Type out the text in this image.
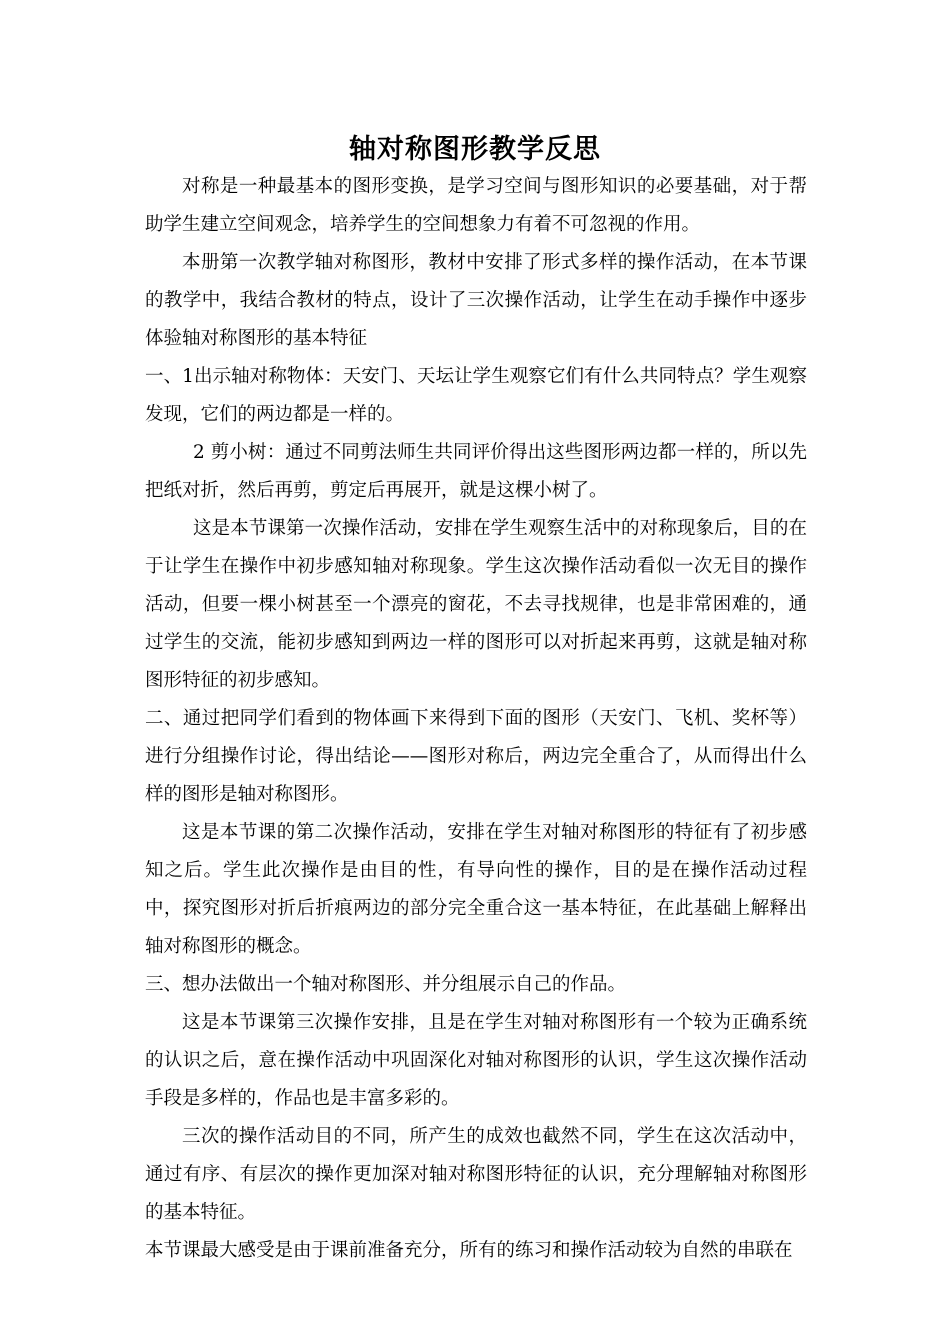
轴对称图形教学反思

对称是一种最基本的图形变换，是学习空间与图形知识的必要基础，对于帮助学生建立空间观念，培养学生的空间想象力有着不可忽视的作用。

本册第一次教学轴对称图形，教材中安排了形式多样的操作活动，在本节课的教学中，我结合教材的特点，设计了三次操作活动，让学生在动手操作中逐步体验轴对称图形的基本特征

一、1出示轴对称物体：天安门、天坛让学生观察它们有什么共同特点？学生观察发现，它们的两边都是一样的。

2 剪小树：通过不同剪法师生共同评价得出这些图形两边都一样的，所以先把纸对折，然后再剪，剪定后再展开，就是这棵小树了。

这是本节课第一次操作活动，安排在学生观察生活中的对称现象后，目的在于让学生在操作中初步感知轴对称现象。学生这次操作活动看似一次无目的操作活动，但要一棵小树甚至一个漂亮的窗花，不去寻找规律，也是非常困难的，通过学生的交流，能初步感知到两边一样的图形可以对折起来再剪，这就是轴对称图形特征的初步感知。

二、通过把同学们看到的物体画下来得到下面的图形（天安门、飞机、奖杯等）进行分组操作讨论，得出结论——图形对称后，两边完全重合了，从而得出什么样的图形是轴对称图形。

这是本节课的第二次操作活动，安排在学生对轴对称图形的特征有了初步感知之后。学生此次操作是由目的性，有导向性的操作，目的是在操作活动过程中，探究图形对折后折痕两边的部分完全重合这一基本特征，在此基础上解释出轴对称图形的概念。

三、想办法做出一个轴对称图形、并分组展示自己的作品。

这是本节课第三次操作安排，且是在学生对轴对称图形有一个较为正确系统的认识之后，意在操作活动中巩固深化对轴对称图形的认识，学生这次操作活动手段是多样的，作品也是丰富多彩的。

三次的操作活动目的不同，所产生的成效也截然不同，学生在这次活动中，通过有序、有层次的操作更加深对轴对称图形特征的认识，充分理解轴对称图形的基本特征。

本节课最大感受是由于课前准备充分，所有的练习和操作活动较为自然的串联在
